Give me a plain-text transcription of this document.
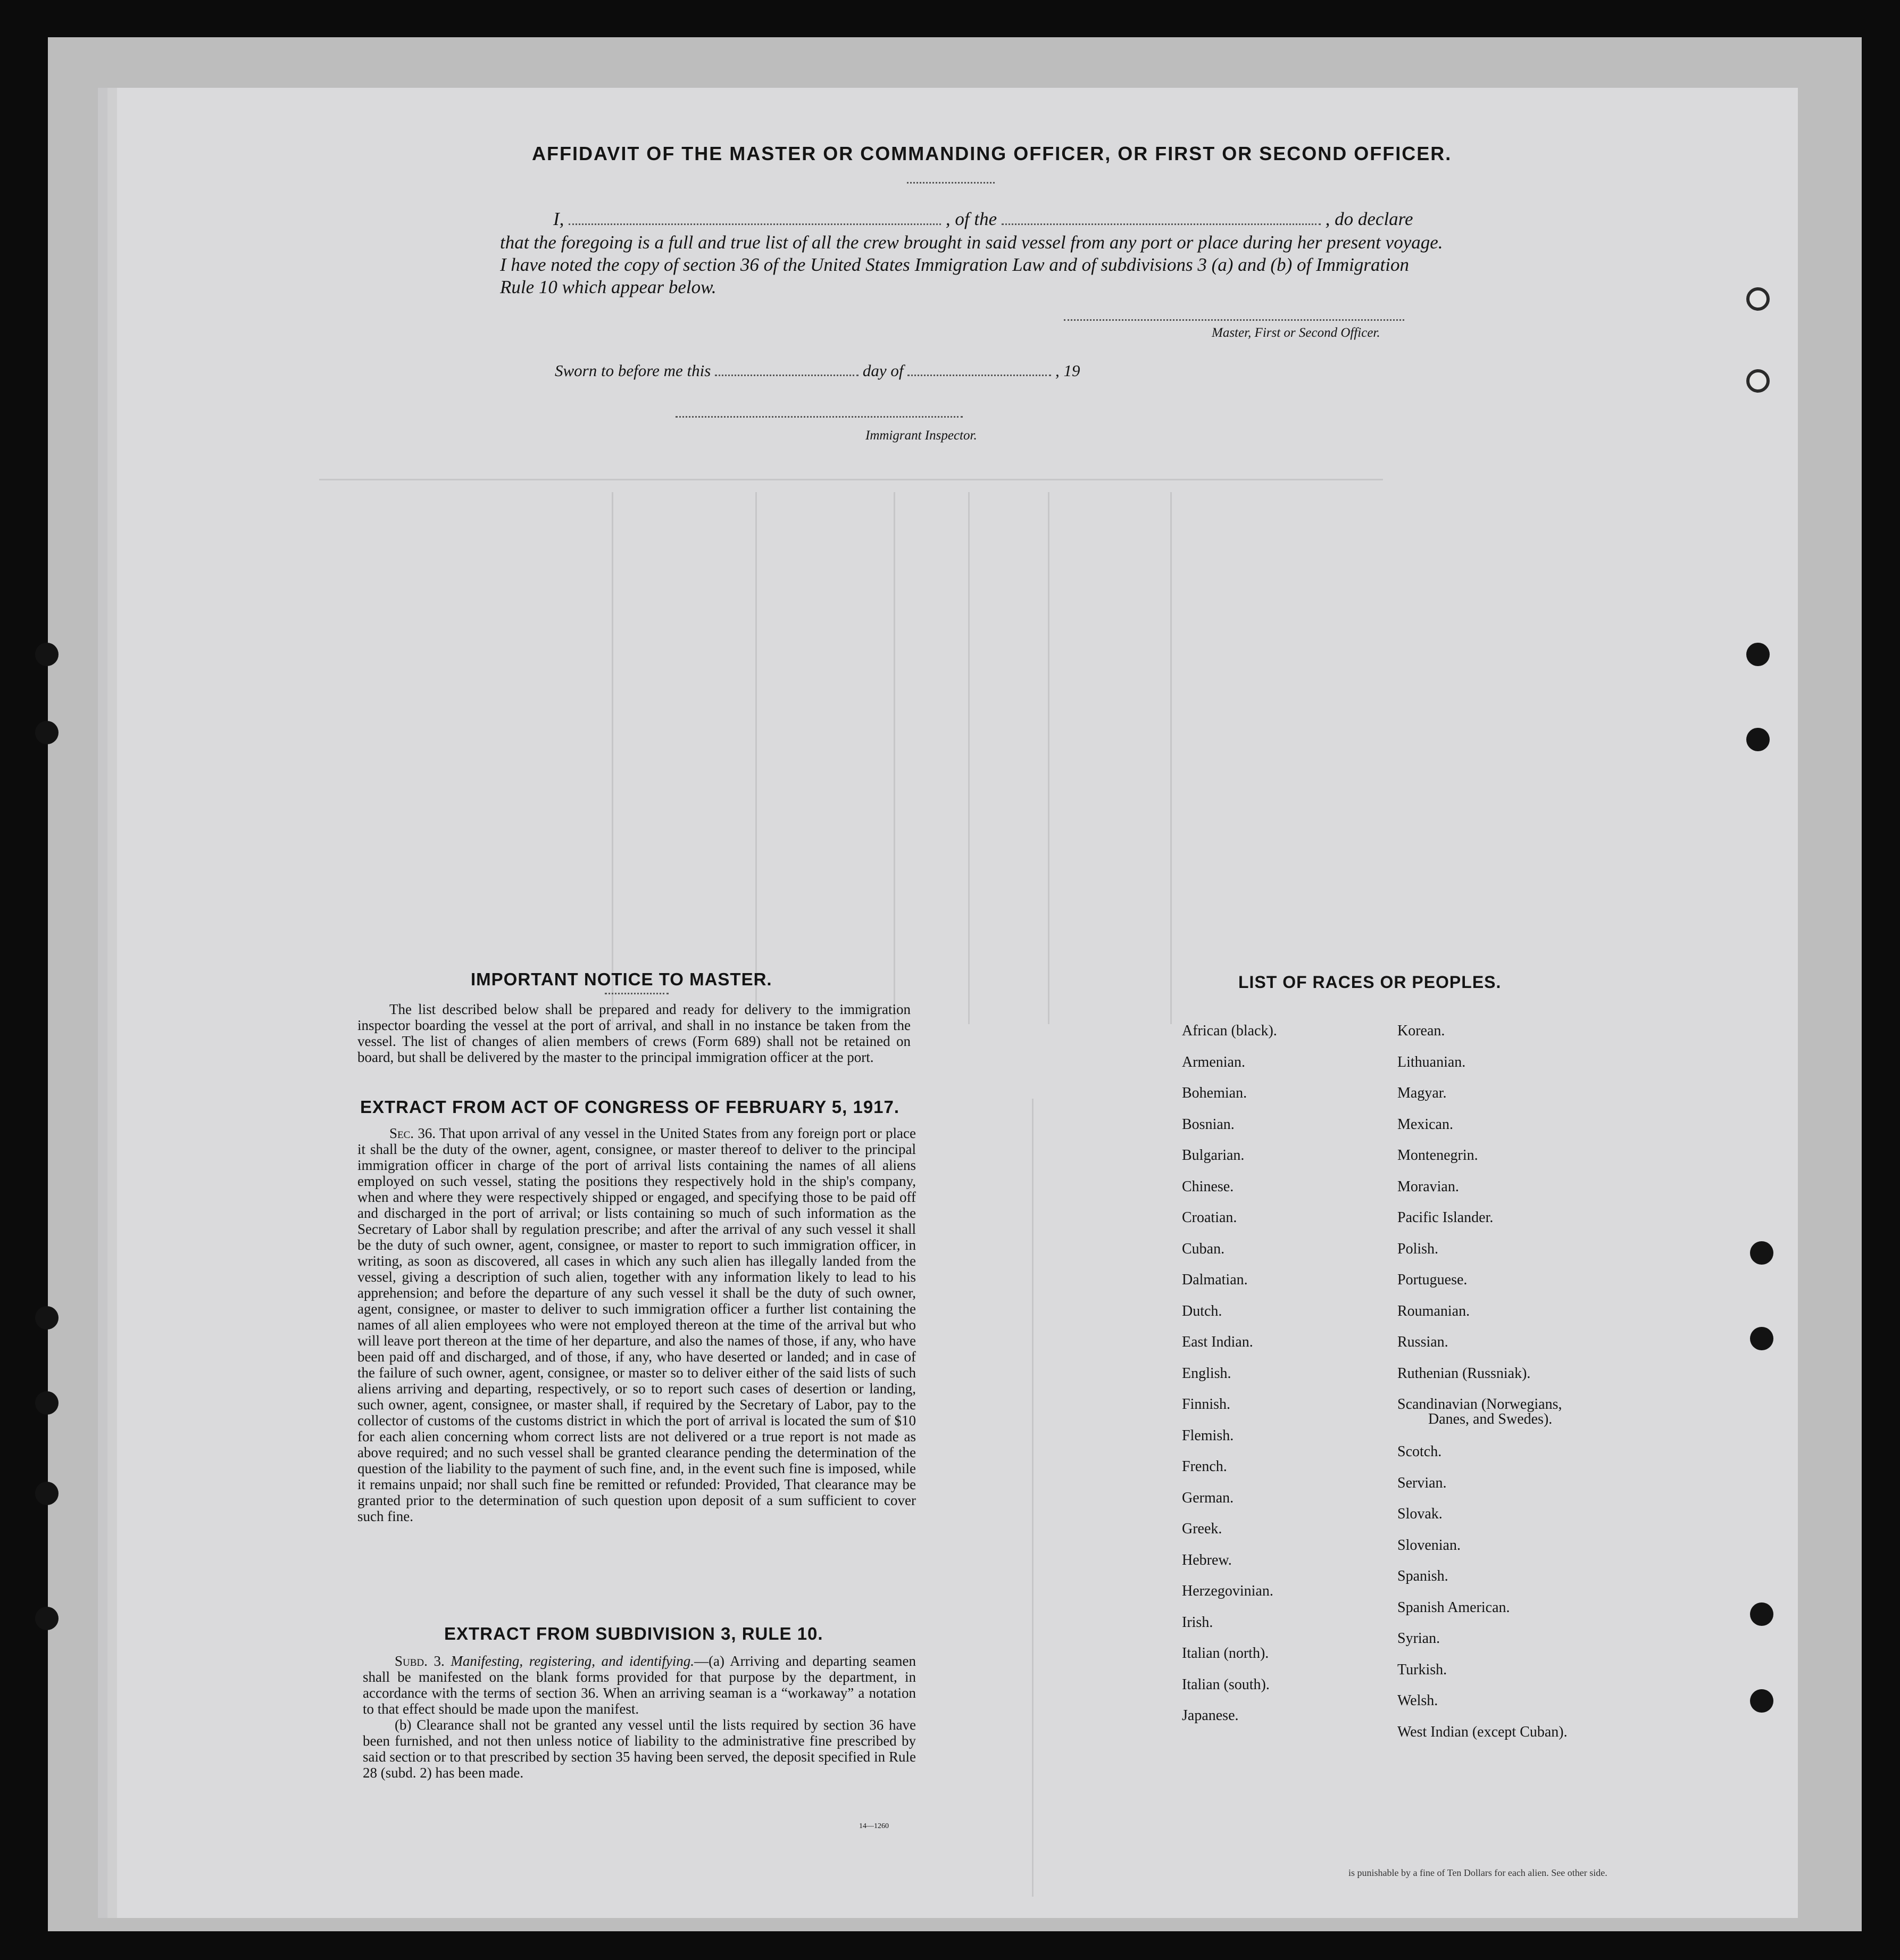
AFFIDAVIT OF THE MASTER OR COMMANDING OFFICER, OR FIRST OR SECOND OFFICER.
I,	, of the	, do declare
that the foregoing is a full and true list of all the crew brought in said vessel from any port or place during her present voyage.
I have noted the copy of section 36 of the United States Immigration Law and of subdivisions 3 (a) and (b) of Immigration
Rule 10 which appear below.
Master, First or Second Officer.
Sworn to before me this	day of	, 19
Immigrant Inspector.
IMPORTANT NOTICE TO MASTER.

The list described below shall be prepared and ready for delivery to the immigration inspector boarding the vessel at the port of arrival, and shall in no instance be taken from the vessel. The list of changes of alien members of crews (Form 689) shall not be retained on board, but shall be delivered by the master to the principal immigration officer at the port.

EXTRACT FROM ACT OF CONGRESS OF FEBRUARY 5, 1917.

Sec. 36. That upon arrival of any vessel in the United States from any foreign port or place it shall be the duty of the owner, agent, consignee, or master thereof to deliver to the principal immigration officer in charge of the port of arrival lists containing the names of all aliens employed on such vessel, stating the positions they respectively hold in the ship's company, when and where they were respectively shipped or engaged, and specifying those to be paid off and discharged in the port of arrival; or lists containing so much of such information as the Secretary of Labor shall by regulation prescribe; and after the arrival of any such vessel it shall be the duty of such owner, agent, consignee, or master to report to such immigration officer, in writing, as soon as discovered, all cases in which any such alien has illegally landed from the vessel, giving a description of such alien, together with any information likely to lead to his apprehension; and before the departure of any such vessel it shall be the duty of such owner, agent, consignee, or master to deliver to such immigration officer a further list containing the names of all alien employees who were not employed thereon at the time of the arrival but who will leave port thereon at the time of her departure, and also the names of those, if any, who have been paid off and discharged, and of those, if any, who have deserted or landed; and in case of the failure of such owner, agent, consignee, or master so to deliver either of the said lists of such aliens arriving and departing, respectively, or so to report such cases of desertion or landing, such owner, agent, consignee, or master shall, if required by the Secretary of Labor, pay to the collector of customs of the customs district in which the port of arrival is located the sum of $10 for each alien concerning whom correct lists are not delivered or a true report is not made as above required; and no such vessel shall be granted clearance pending the determination of the question of the liability to the payment of such fine, and, in the event such fine is imposed, while it remains unpaid; nor shall such fine be remitted or refunded: Provided, That clearance may be granted prior to the determination of such question upon deposit of a sum sufficient to cover such fine.

EXTRACT FROM SUBDIVISION 3, RULE 10.

Subd. 3. Manifesting, registering, and identifying.—(a) Arriving and departing seamen shall be manifested on the blank forms provided for that purpose by the department, in accordance with the terms of section 36. When an arriving seaman is a “workaway” a notation to that effect should be made upon the manifest.

(b) Clearance shall not be granted any vessel until the lists required by section 36 have been furnished, and not then unless notice of liability to the administrative fine prescribed by said section or to that prescribed by section 35 having been served, the deposit specified in Rule 28 (subd. 2) has been made.

14—1260
LIST OF RACES OR PEOPLES.
African (black).
Armenian.
Bohemian.
Bosnian.
Bulgarian.
Chinese.
Croatian.
Cuban.
Dalmatian.
Dutch.
East Indian.
English.
Finnish.
Flemish.
French.
German.
Greek.
Hebrew.
Herzegovinian.
Irish.
Italian (north).
Italian (south).
Japanese.
Korean.
Lithuanian.
Magyar.
Mexican.
Montenegrin.
Moravian.
Pacific Islander.
Polish.
Portuguese.
Roumanian.
Russian.
Ruthenian (Russniak).
Scandinavian (Norwegians,
Danes, and Swedes).
Scotch.
Servian.
Slovak.
Slovenian.
Spanish.
Spanish American.
Syrian.
Turkish.
Welsh.
West Indian (except Cuban).
is punishable by a fine of Ten Dollars for each alien. See other side.
